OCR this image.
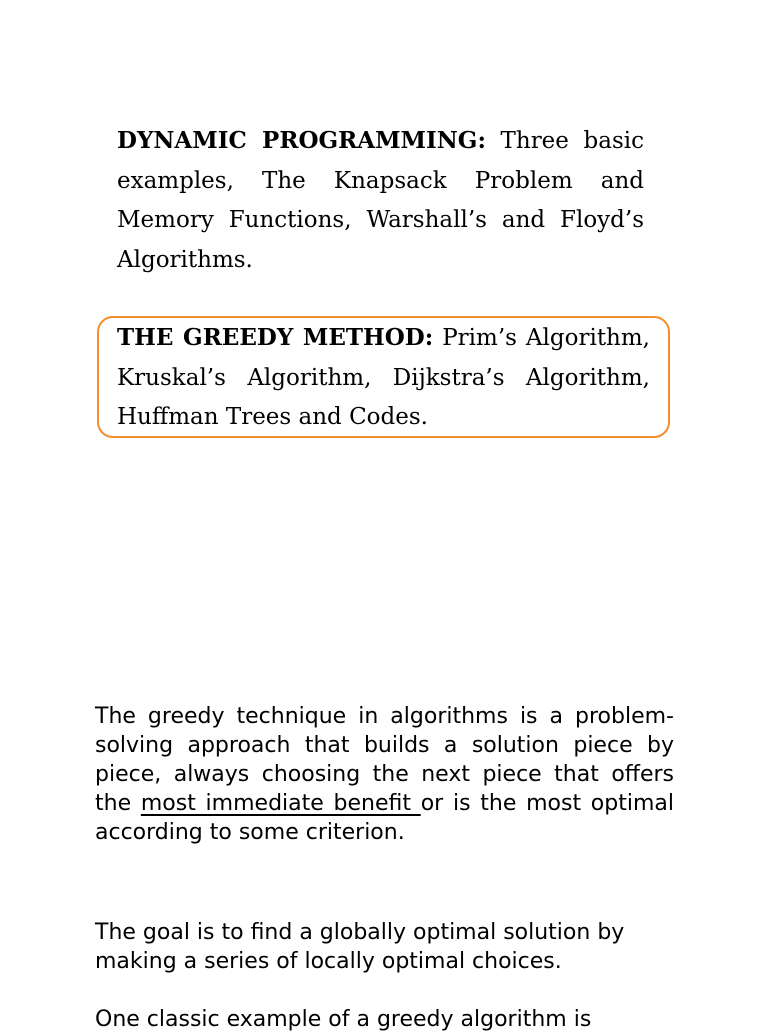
DYNAMIC PROGRAMMING: Three basic examples, The Knapsack Problem and Memory Functions, Warshall’s and Floyd’s Algorithms.
THE GREEDY METHOD: Prim’s Algorithm, Kruskal’s Algorithm, Dijkstra’s Algorithm, Huffman Trees and Codes.
The greedy technique in algorithms is a problem-solving approach that builds a solution piece by piece, always choosing the next piece that offers the most immediate benefit or is the most optimal according to some criterion.
The goal is to find a globally optimal solution by making a series of locally optimal choices.
One classic example of a greedy algorithm is
